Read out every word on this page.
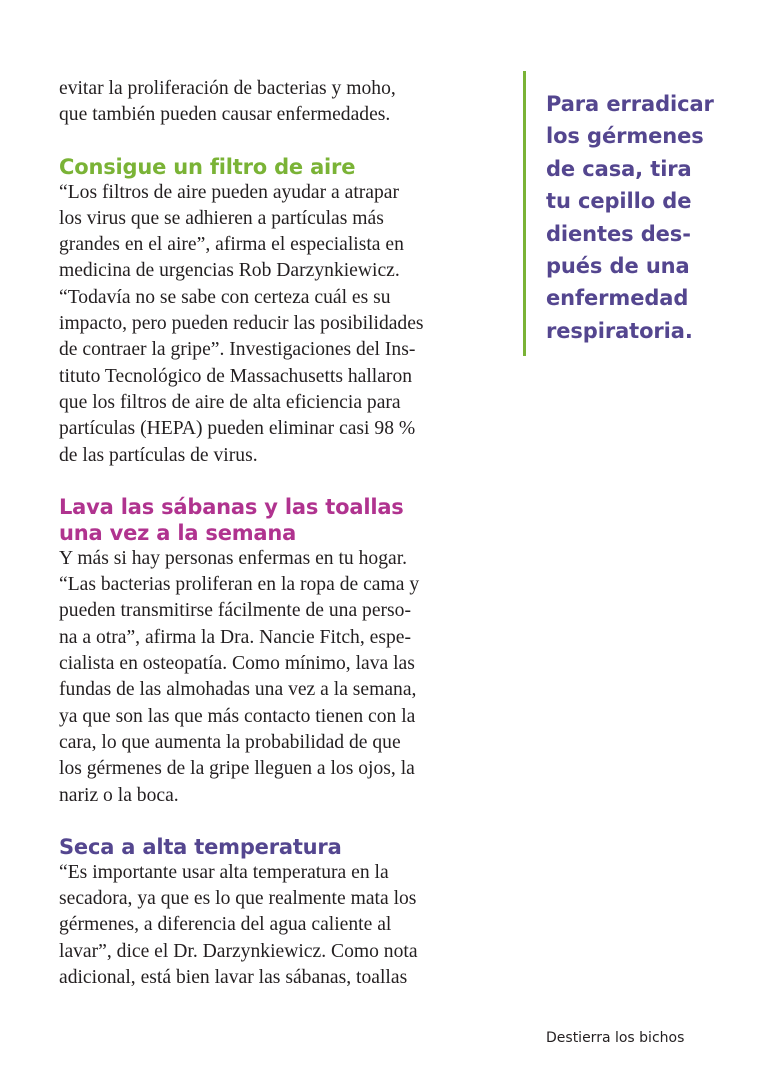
evitar la proliferación de bacterias y moho,
que también pueden causar enfermedades.

Consigue un filtro de aire

“Los filtros de aire pueden ayudar a atrapar
los virus que se adhieren a partículas más
grandes en el aire”, afirma el especialista en
medicina de urgencias Rob Darzynkiewicz.
“Todavía no se sabe con certeza cuál es su
impacto, pero pueden reducir las posibilidades
de contraer la gripe”. Investigaciones del Ins-
tituto Tecnológico de Massachusetts hallaron
que los filtros de aire de alta eficiencia para
partículas (HEPA) pueden eliminar casi 98 %
de las partículas de virus.

Lava las sábanas y las toallas
una vez a la semana

Y más si hay personas enfermas en tu hogar.
“Las bacterias proliferan en la ropa de cama y
pueden transmitirse fácilmente de una perso-
na a otra”, afirma la Dra. Nancie Fitch, espe-
cialista en osteopatía. Como mínimo, lava las
fundas de las almohadas una vez a la semana,
ya que son las que más contacto tienen con la
cara, lo que aumenta la probabilidad de que
los gérmenes de la gripe lleguen a los ojos, la
nariz o la boca.

Seca a alta temperatura

“Es importante usar alta temperatura en la
secadora, ya que es lo que realmente mata los
gérmenes, a diferencia del agua caliente al
lavar”, dice el Dr. Darzynkiewicz. Como nota
adicional, está bien lavar las sábanas, toallas

Para erradicar
los gérmenes
de casa, tira
tu cepillo de
dientes des-
pués de una
enfermedad
respiratoria.

Destierra los bichos
